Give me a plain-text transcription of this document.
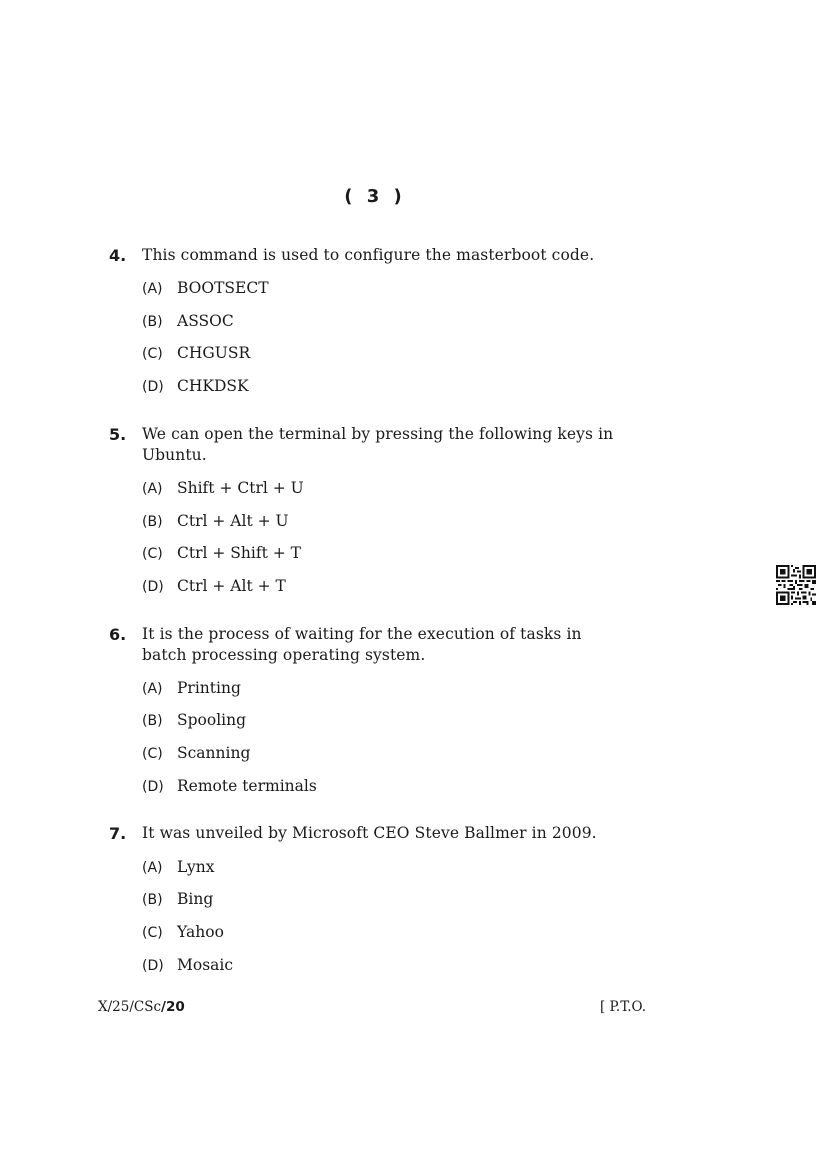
( 3 )
4. This command is used to configure the masterboot code.
(A) BOOTSECT
(B) ASSOC
(C) CHGUSR
(D) CHKDSK
5. We can open the terminal by pressing the following keys in Ubuntu.
(A) Shift + Ctrl + U
(B) Ctrl + Alt + U
(C) Ctrl + Shift + T
(D) Ctrl + Alt + T
6. It is the process of waiting for the execution of tasks in batch processing operating system.
(A) Printing
(B) Spooling
(C) Scanning
(D) Remote terminals
7. It was unveiled by Microsoft CEO Steve Ballmer in 2009.
(A) Lynx
(B) Bing
(C) Yahoo
(D) Mosaic
X/25/CSc/20	[ P.T.O.
